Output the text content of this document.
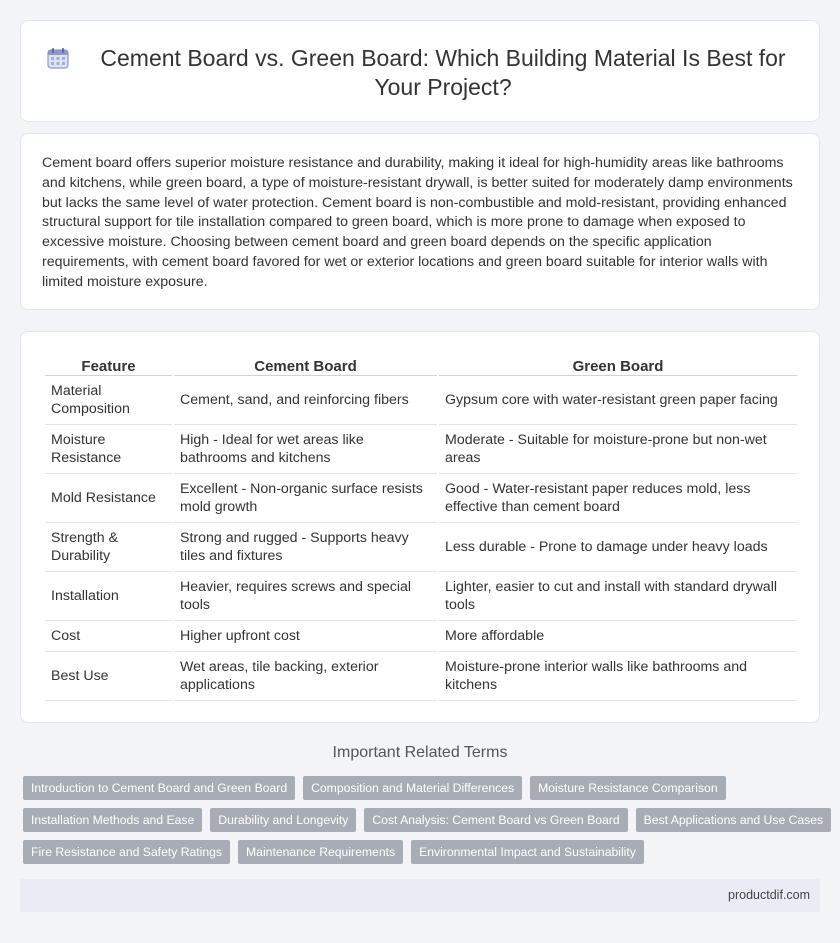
Cement Board vs. Green Board: Which Building Material Is Best for Your Project?

Cement board offers superior moisture resistance and durability, making it ideal for high-humidity areas like bathrooms and kitchens, while green board, a type of moisture-resistant drywall, is better suited for moderately damp environments but lacks the same level of water protection. Cement board is non-combustible and mold-resistant, providing enhanced structural support for tile installation compared to green board, which is more prone to damage when exposed to excessive moisture. Choosing between cement board and green board depends on the specific application requirements, with cement board favored for wet or exterior locations and green board suitable for interior walls with limited moisture exposure.

Feature	Cement Board	Green Board
Material Composition	Cement, sand, and reinforcing fibers	Gypsum core with water-resistant green paper facing
Moisture Resistance	High - Ideal for wet areas like bathrooms and kitchens	Moderate - Suitable for moisture-prone but non-wet areas
Mold Resistance	Excellent - Non-organic surface resists mold growth	Good - Water-resistant paper reduces mold, less effective than cement board
Strength & Durability	Strong and rugged - Supports heavy tiles and fixtures	Less durable - Prone to damage under heavy loads
Installation	Heavier, requires screws and special tools	Lighter, easier to cut and install with standard drywall tools
Cost	Higher upfront cost	More affordable
Best Use	Wet areas, tile backing, exterior applications	Moisture-prone interior walls like bathrooms and kitchens
Important Related Terms
Introduction to Cement Board and Green Board	Composition and Material Differences	Moisture Resistance Comparison
Installation Methods and Ease	Durability and Longevity	Cost Analysis: Cement Board vs Green Board	Best Applications and Use Cases
Fire Resistance and Safety Ratings	Maintenance Requirements	Environmental Impact and Sustainability
productdif.com
